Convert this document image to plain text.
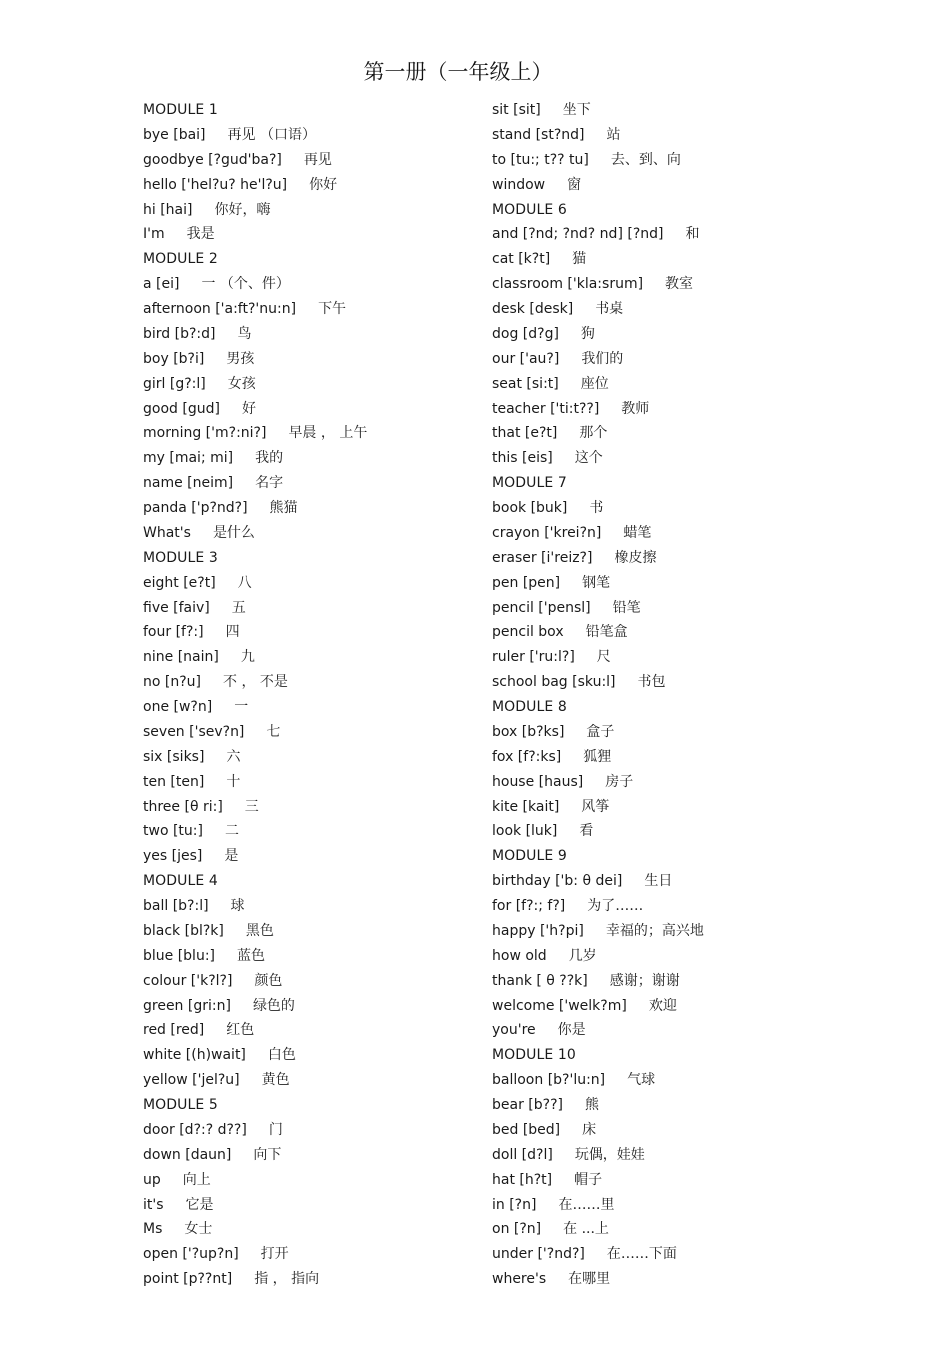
第一册（一年级上）
MODULE 1
bye [bai] 再见 （口语）
goodbye [?gud'ba?] 再见
hello ['hel?u? he'l?u] 你好
hi [hai] 你好，嗨
I'm 我是
MODULE 2
a [ei] 一 （个、件）
afternoon ['a:ft?'nu:n] 下午
bird [b?:d] 鸟
boy [b?i] 男孩
girl [g?:l] 女孩
good [gud] 好
morning ['m?:ni?] 早晨 ， 上午
my [mai; mi] 我的
name [neim] 名字
panda ['p?nd?] 熊猫
What's 是什么
MODULE 3
eight [e?t] 八
five [faiv] 五
four [f?:] 四
nine [nain] 九
no [n?u] 不 ， 不是
one [w?n] 一
seven ['sev?n] 七
six [siks] 六
ten [ten] 十
three [θ ri:] 三
two [tu:] 二
yes [jes] 是
MODULE 4
ball [b?:l] 球
black [bl?k] 黑色
blue [blu:] 蓝色
colour ['k?l?] 颜色
green [gri:n] 绿色的
red [red] 红色
white [(h)wait] 白色
yellow ['jel?u] 黄色
MODULE 5
door [d?:? d??] 门
down [daun] 向下
up 向上
it's 它是
Ms 女士
open ['?up?n] 打开
point [p??nt] 指 ， 指向
sit [sit] 坐下
stand [st?nd] 站
to [tu:; t?? tu] 去、到、向
window 窗
MODULE 6
and [?nd; ?nd? nd] [?nd] 和
cat [k?t] 猫
classroom ['kla:srum] 教室
desk [desk] 书桌
dog [d?g] 狗
our ['au?] 我们的
seat [si:t] 座位
teacher ['ti:t??] 教师
that [e?t] 那个
this [eis] 这个
MODULE 7
book [buk] 书
crayon ['krei?n] 蜡笔
eraser [i'reiz?] 橡皮擦
pen [pen] 钢笔
pencil ['pensl] 铅笔
pencil box 铅笔盒
ruler ['ru:l?] 尺
school bag [sku:l] 书包
MODULE 8
box [b?ks] 盒子
fox [f?:ks] 狐狸
house [haus] 房子
kite [kait] 风筝
look [luk] 看
MODULE 9
birthday ['b: θ dei] 生日
for [f?:; f?] 为了……
happy ['h?pi] 幸福的；高兴地
how old 几岁
thank [ θ ??k] 感谢；谢谢
welcome ['welk?m] 欢迎
you're 你是
MODULE 10
balloon [b?'lu:n] 气球
bear [b??] 熊
bed [bed] 床
doll [d?l] 玩偶，娃娃
hat [h?t] 帽子
in [?n] 在……里
on [?n] 在 ...上
under ['?nd?] 在……下面
where's 在哪里
